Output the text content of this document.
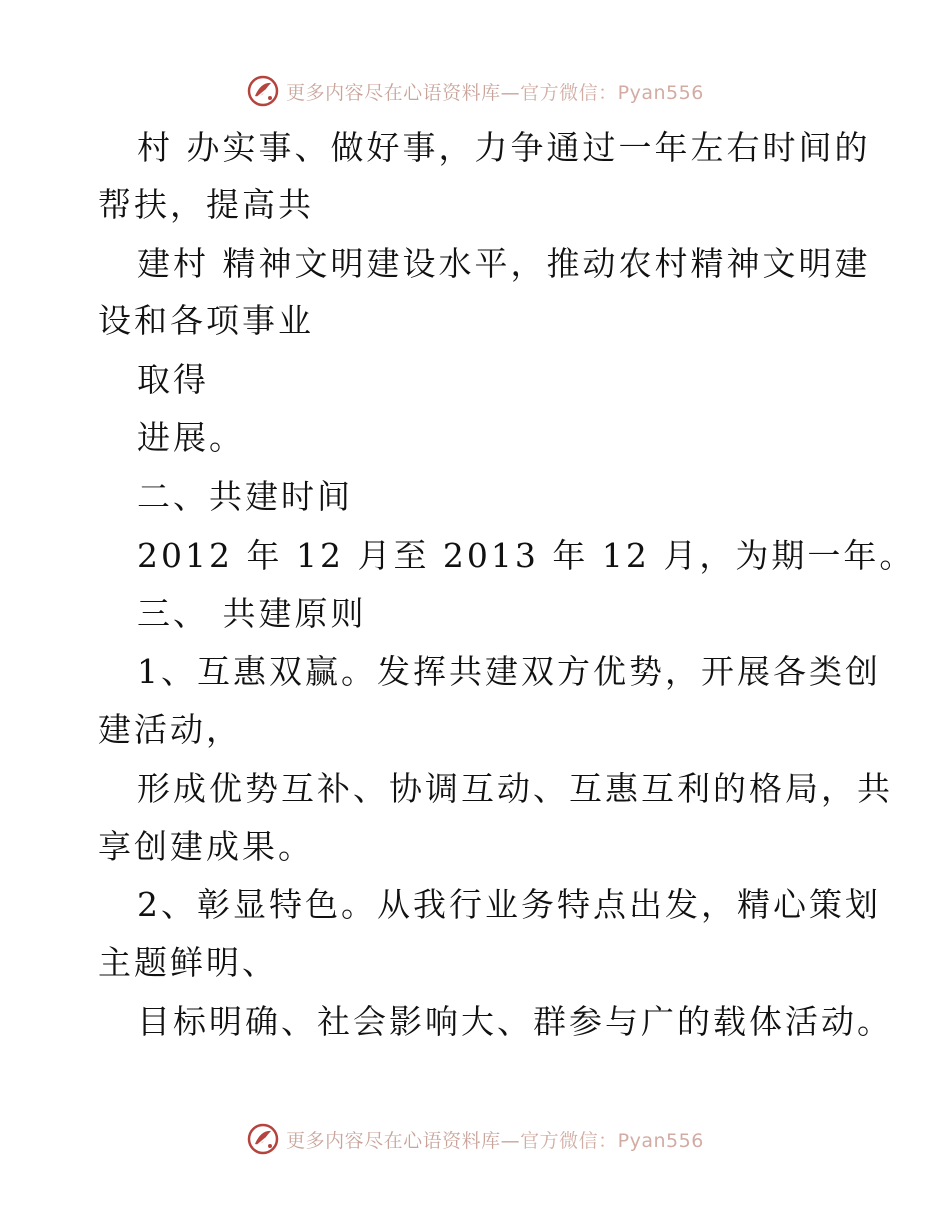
更多内容尽在心语资料库—官方微信：Pyan556
村 办实事、做好事，力争通过一年左右时间的
帮扶，提高共
建村 精神文明建设水平，推动农村精神文明建
设和各项事业
取得
进展。
二、共建时间
2012 年 12 月至 2013 年 12 月，为期一年。
三、 共建原则
1、互惠双赢。发挥共建双方优势，开展各类创
建活动，
形成优势互补、协调互动、互惠互利的格局，共
享创建成果。
2、彰显特色。从我行业务特点出发，精心策划
主题鲜明、
目标明确、社会影响大、群参与广的载体活动。
更多内容尽在心语资料库—官方微信：Pyan556
